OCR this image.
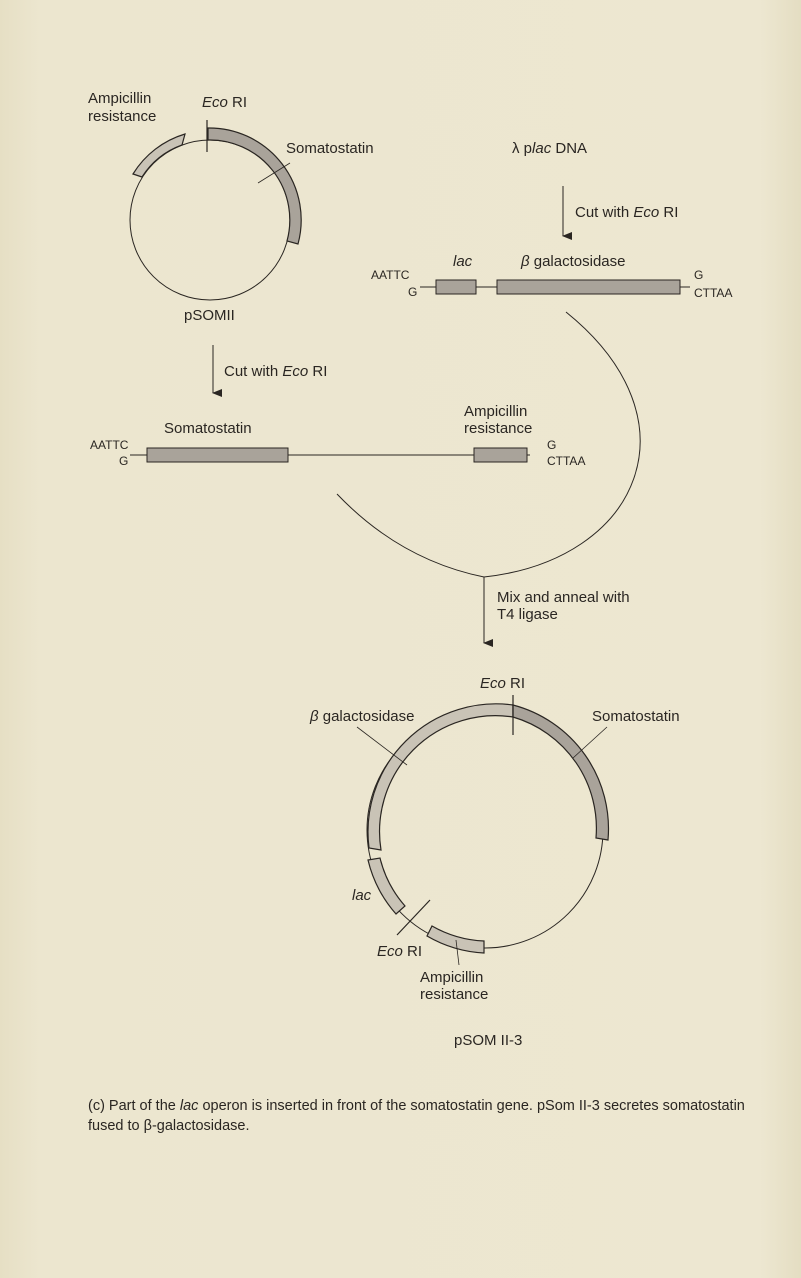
Ampicillin
resistance
Eco RI
Somatostatin
pSOMII
λ plac DNA
Cut with Eco RI
lac	β galactosidase
AATTC
G
G
CTTAA
Cut with Eco RI
Somatostatin
Ampicillin
resistance
AATTC
G
G
CTTAA
Mix and anneal with
T4 ligase
Eco RI
β galactosidase	Somatostatin
lac
Eco RI
Ampicillin
resistance
pSOM II-3
(c) Part of the lac operon is inserted in front of the somatostatin gene. pSom II-3 secretes somatostatin fused to β-galactosidase.
